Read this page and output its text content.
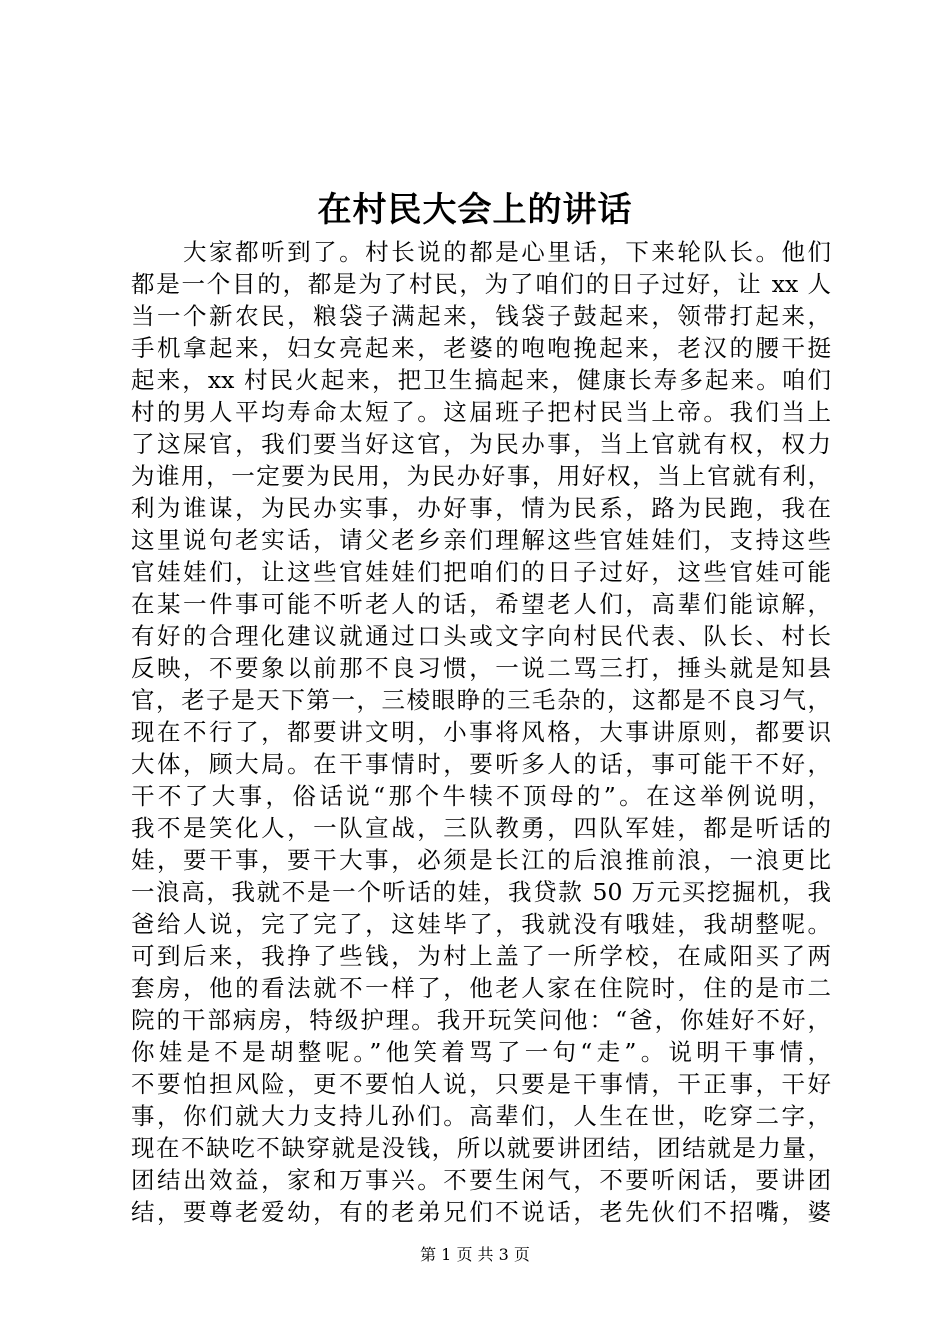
在村民大会上的讲话
　　大家都听到了。村长说的都是心里话，下来轮队长。他们
都是一个目的，都是为了村民，为了咱们的日子过好，让 xx 人
当一个新农民，粮袋子满起来，钱袋子鼓起来，领带打起来，
手机拿起来，妇女亮起来，老婆的咆咆挽起来，老汉的腰干挺
起来，xx 村民火起来，把卫生搞起来，健康长寿多起来。咱们
村的男人平均寿命太短了。这届班子把村民当上帝。我们当上
了这屎官，我们要当好这官，为民办事，当上官就有权，权力
为谁用，一定要为民用，为民办好事，用好权，当上官就有利，
利为谁谋，为民办实事，办好事，情为民系，路为民跑，我在
这里说句老实话，请父老乡亲们理解这些官娃娃们，支持这些
官娃娃们，让这些官娃娃们把咱们的日子过好，这些官娃可能
在某一件事可能不听老人的话，希望老人们，高辈们能谅解，
有好的合理化建议就通过口头或文字向村民代表、队长、村长
反映，不要象以前那不良习惯，一说二骂三打，捶头就是知县
官，老子是天下第一，三棱眼睁的三毛杂的，这都是不良习气，
现在不行了，都要讲文明，小事将风格，大事讲原则，都要识
大体，顾大局。在干事情时，要听多人的话，事可能干不好，
干不了大事，俗话说“那个牛犊不顶母的”。在这举例说明，
我不是笑化人，一队宣战，三队教勇，四队军娃，都是听话的
娃，要干事，要干大事，必须是长江的后浪推前浪，一浪更比
一浪高，我就不是一个听话的娃，我贷款 50 万元买挖掘机，我
爸给人说，完了完了，这娃毕了，我就没有哦娃，我胡整呢。
可到后来，我挣了些钱，为村上盖了一所学校，在咸阳买了两
套房，他的看法就不一样了，他老人家在住院时，住的是市二
院的干部病房，特级护理。我开玩笑问他：“爸，你娃好不好，
你娃是不是胡整呢。”他笑着骂了一句“走”。说明干事情，
不要怕担风险，更不要怕人说，只要是干事情，干正事，干好
事，你们就大力支持儿孙们。高辈们，人生在世，吃穿二字，
现在不缺吃不缺穿就是没钱，所以就要讲团结，团结就是力量，
团结出效益，家和万事兴。不要生闲气，不要听闲话，要讲团
结，要尊老爱幼，有的老弟兄们不说话，老先伙们不招嘴，婆
第 1 页 共 3 页
